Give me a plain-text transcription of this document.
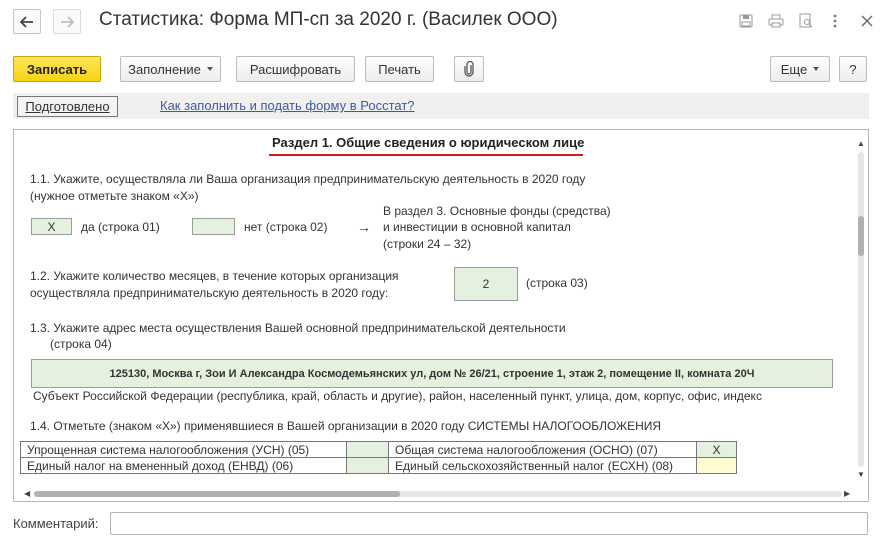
Статистика: Форма МП-сп за 2020 г. (Василек ООО)
Записать	Заполнение	Расшифровать	Печать	Еще	?
Подготовлено	Как заполнить и подать форму в Росстат?
Раздел 1. Общие сведения о юридическом лице
1.1. Укажите, осуществляла ли Ваша организация предпринимательскую деятельность в 2020 году
(нужное отметьте знаком «Х»)
X	да (строка 01)	нет (строка 02) →
В раздел 3. Основные фонды (средства)
и инвестиции в основной капитал
(строки 24 – 32)
1.2. Укажите количество месяцев, в течение которых организация
осуществляла предпринимательскую деятельность в 2020 году:
2	(строка 03)
1.3. Укажите адрес места осуществления Вашей основной предпринимательской деятельности
(строка 04)
125130, Москва г, Зои И Александра Космодемьянских ул, дом № 26/21, строение 1, этаж 2, помещение II, комната 20Ч
Субъект Российской Федерации (республика, край, область и другие), район, населенный пункт, улица, дом, корпус, офис, индекс
1.4. Отметьте (знаком «Х») применявшиеся в Вашей организации в 2020 году СИСТЕМЫ НАЛОГООБЛОЖЕНИЯ
Упрощенная система налогообложения (УСН) (05)		Общая система налогообложения (ОСНО) (07)	X
Единый налог на вмененный доход (ЕНВД) (06)		Единый сельскохозяйственный налог (ЕСХН) (08)	
▲
▼
◀	▶
Комментарий:
